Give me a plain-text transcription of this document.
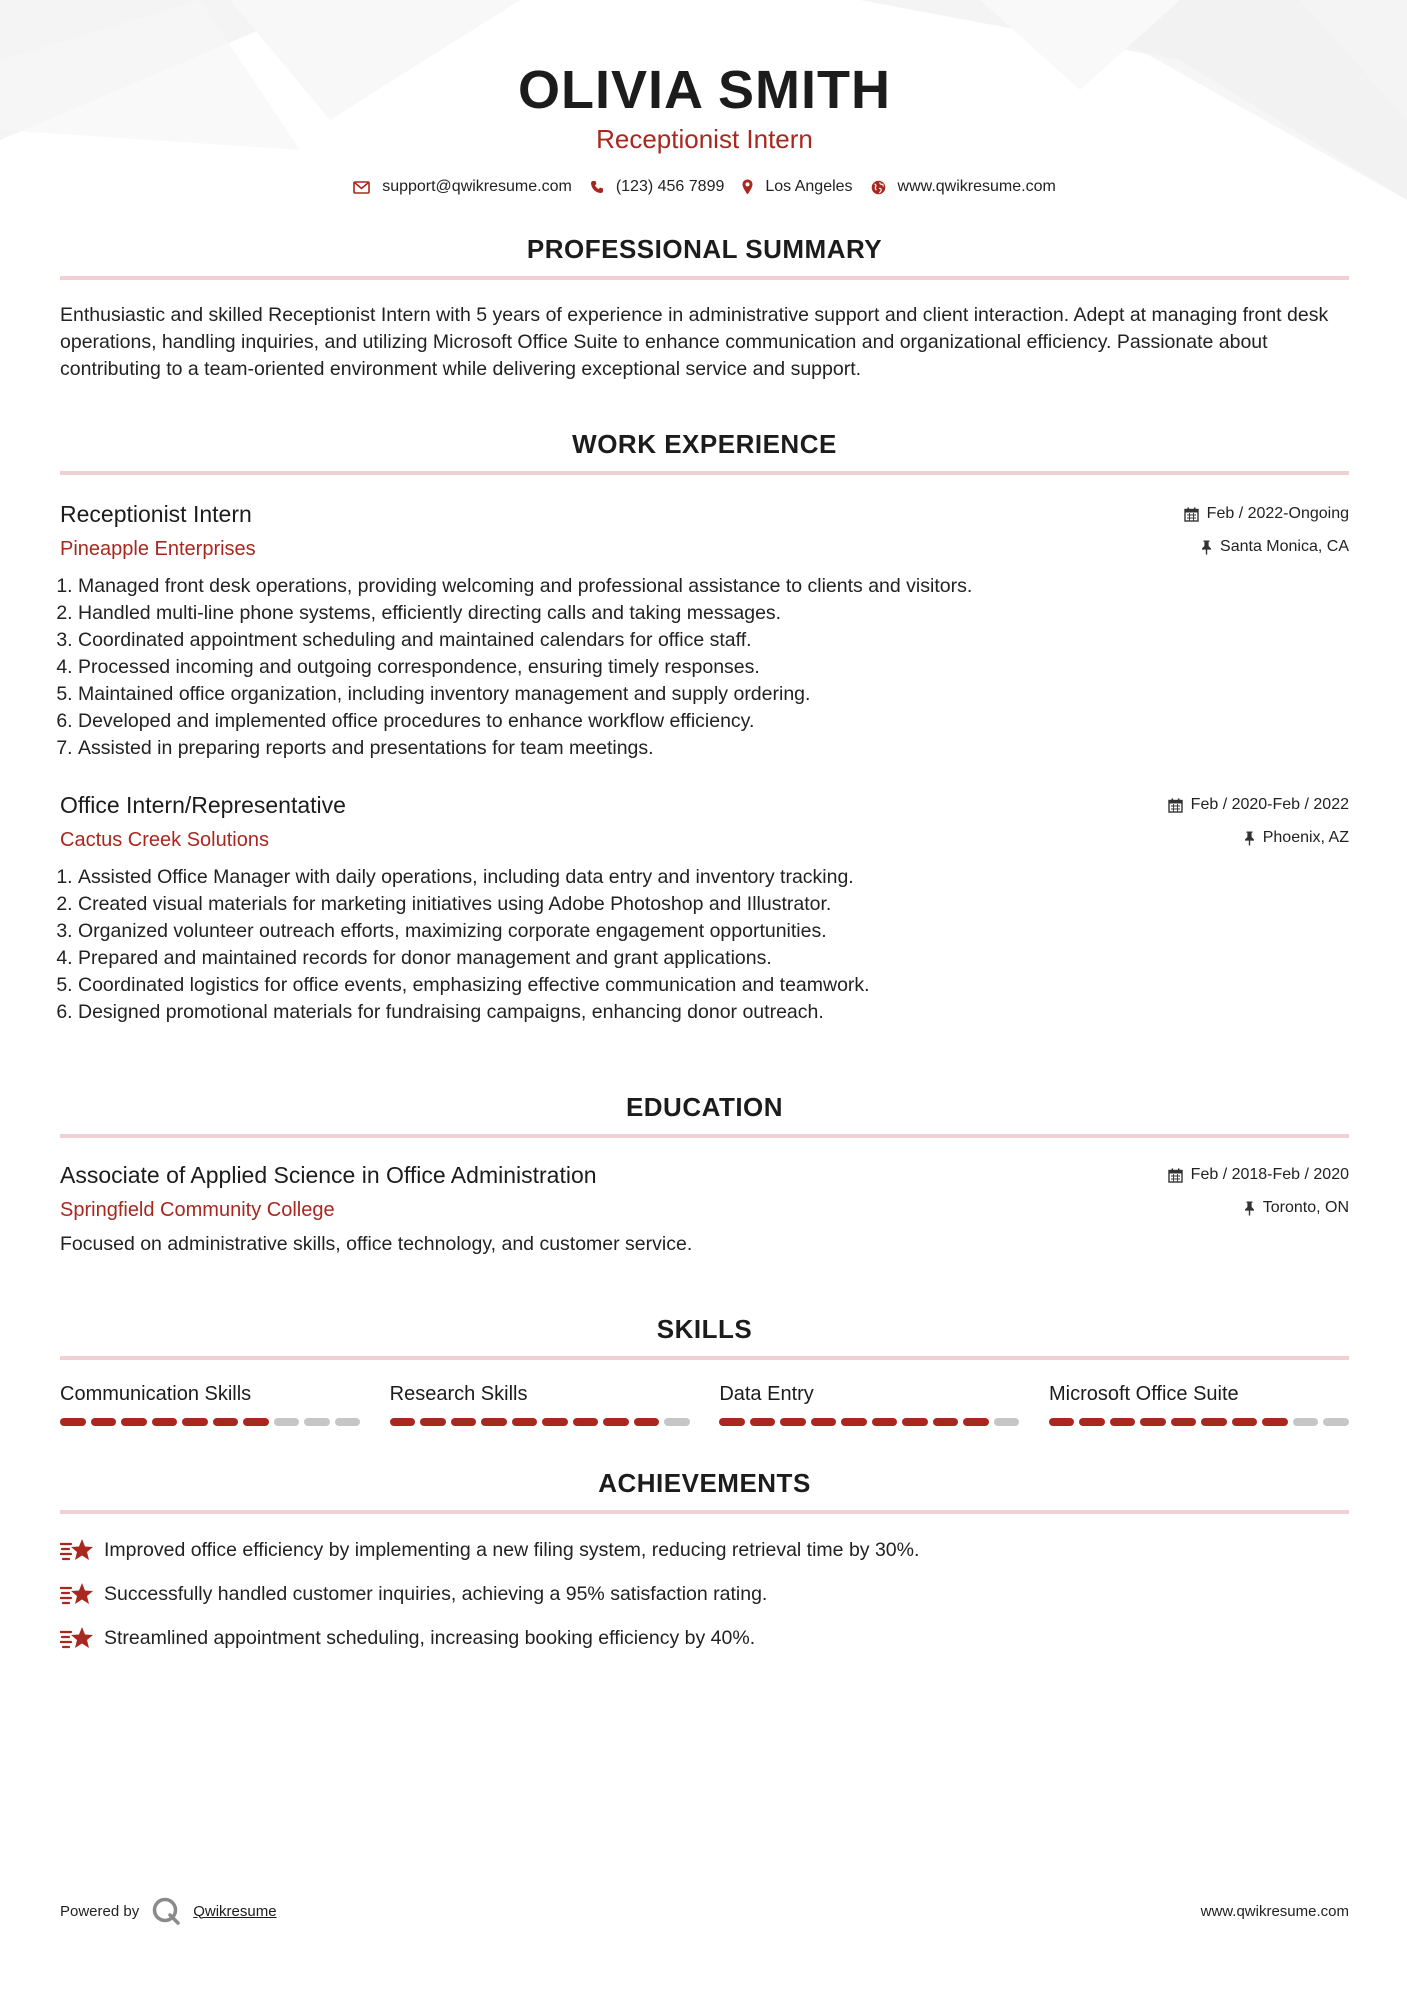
OLIVIA SMITH
Receptionist Intern
support@qwikresume.com	(123) 456 7899	Los Angeles	www.qwikresume.com
PROFESSIONAL SUMMARY
Enthusiastic and skilled Receptionist Intern with 5 years of experience in administrative support and client interaction. Adept at managing front desk operations, handling inquiries, and utilizing Microsoft Office Suite to enhance communication and organizational efficiency. Passionate about contributing to a team-oriented environment while delivering exceptional service and support.
WORK EXPERIENCE
Receptionist Intern
Pineapple Enterprises
Feb / 2022-Ongoing
Santa Monica, CA
1. Managed front desk operations, providing welcoming and professional assistance to clients and visitors.
2. Handled multi-line phone systems, efficiently directing calls and taking messages.
3. Coordinated appointment scheduling and maintained calendars for office staff.
4. Processed incoming and outgoing correspondence, ensuring timely responses.
5. Maintained office organization, including inventory management and supply ordering.
6. Developed and implemented office procedures to enhance workflow efficiency.
7. Assisted in preparing reports and presentations for team meetings.
Office Intern/Representative
Cactus Creek Solutions
Feb / 2020-Feb / 2022
Phoenix, AZ
1. Assisted Office Manager with daily operations, including data entry and inventory tracking.
2. Created visual materials for marketing initiatives using Adobe Photoshop and Illustrator.
3. Organized volunteer outreach efforts, maximizing corporate engagement opportunities.
4. Prepared and maintained records for donor management and grant applications.
5. Coordinated logistics for office events, emphasizing effective communication and teamwork.
6. Designed promotional materials for fundraising campaigns, enhancing donor outreach.
EDUCATION
Associate of Applied Science in Office Administration
Springfield Community College
Feb / 2018-Feb / 2020
Toronto, ON
Focused on administrative skills, office technology, and customer service.
SKILLS
Communication Skills	Research Skills	Data Entry	Microsoft Office Suite
ACHIEVEMENTS
Improved office efficiency by implementing a new filing system, reducing retrieval time by 30%.
Successfully handled customer inquiries, achieving a 95% satisfaction rating.
Streamlined appointment scheduling, increasing booking efficiency by 40%.
Powered by	Qwikresume	www.qwikresume.com
